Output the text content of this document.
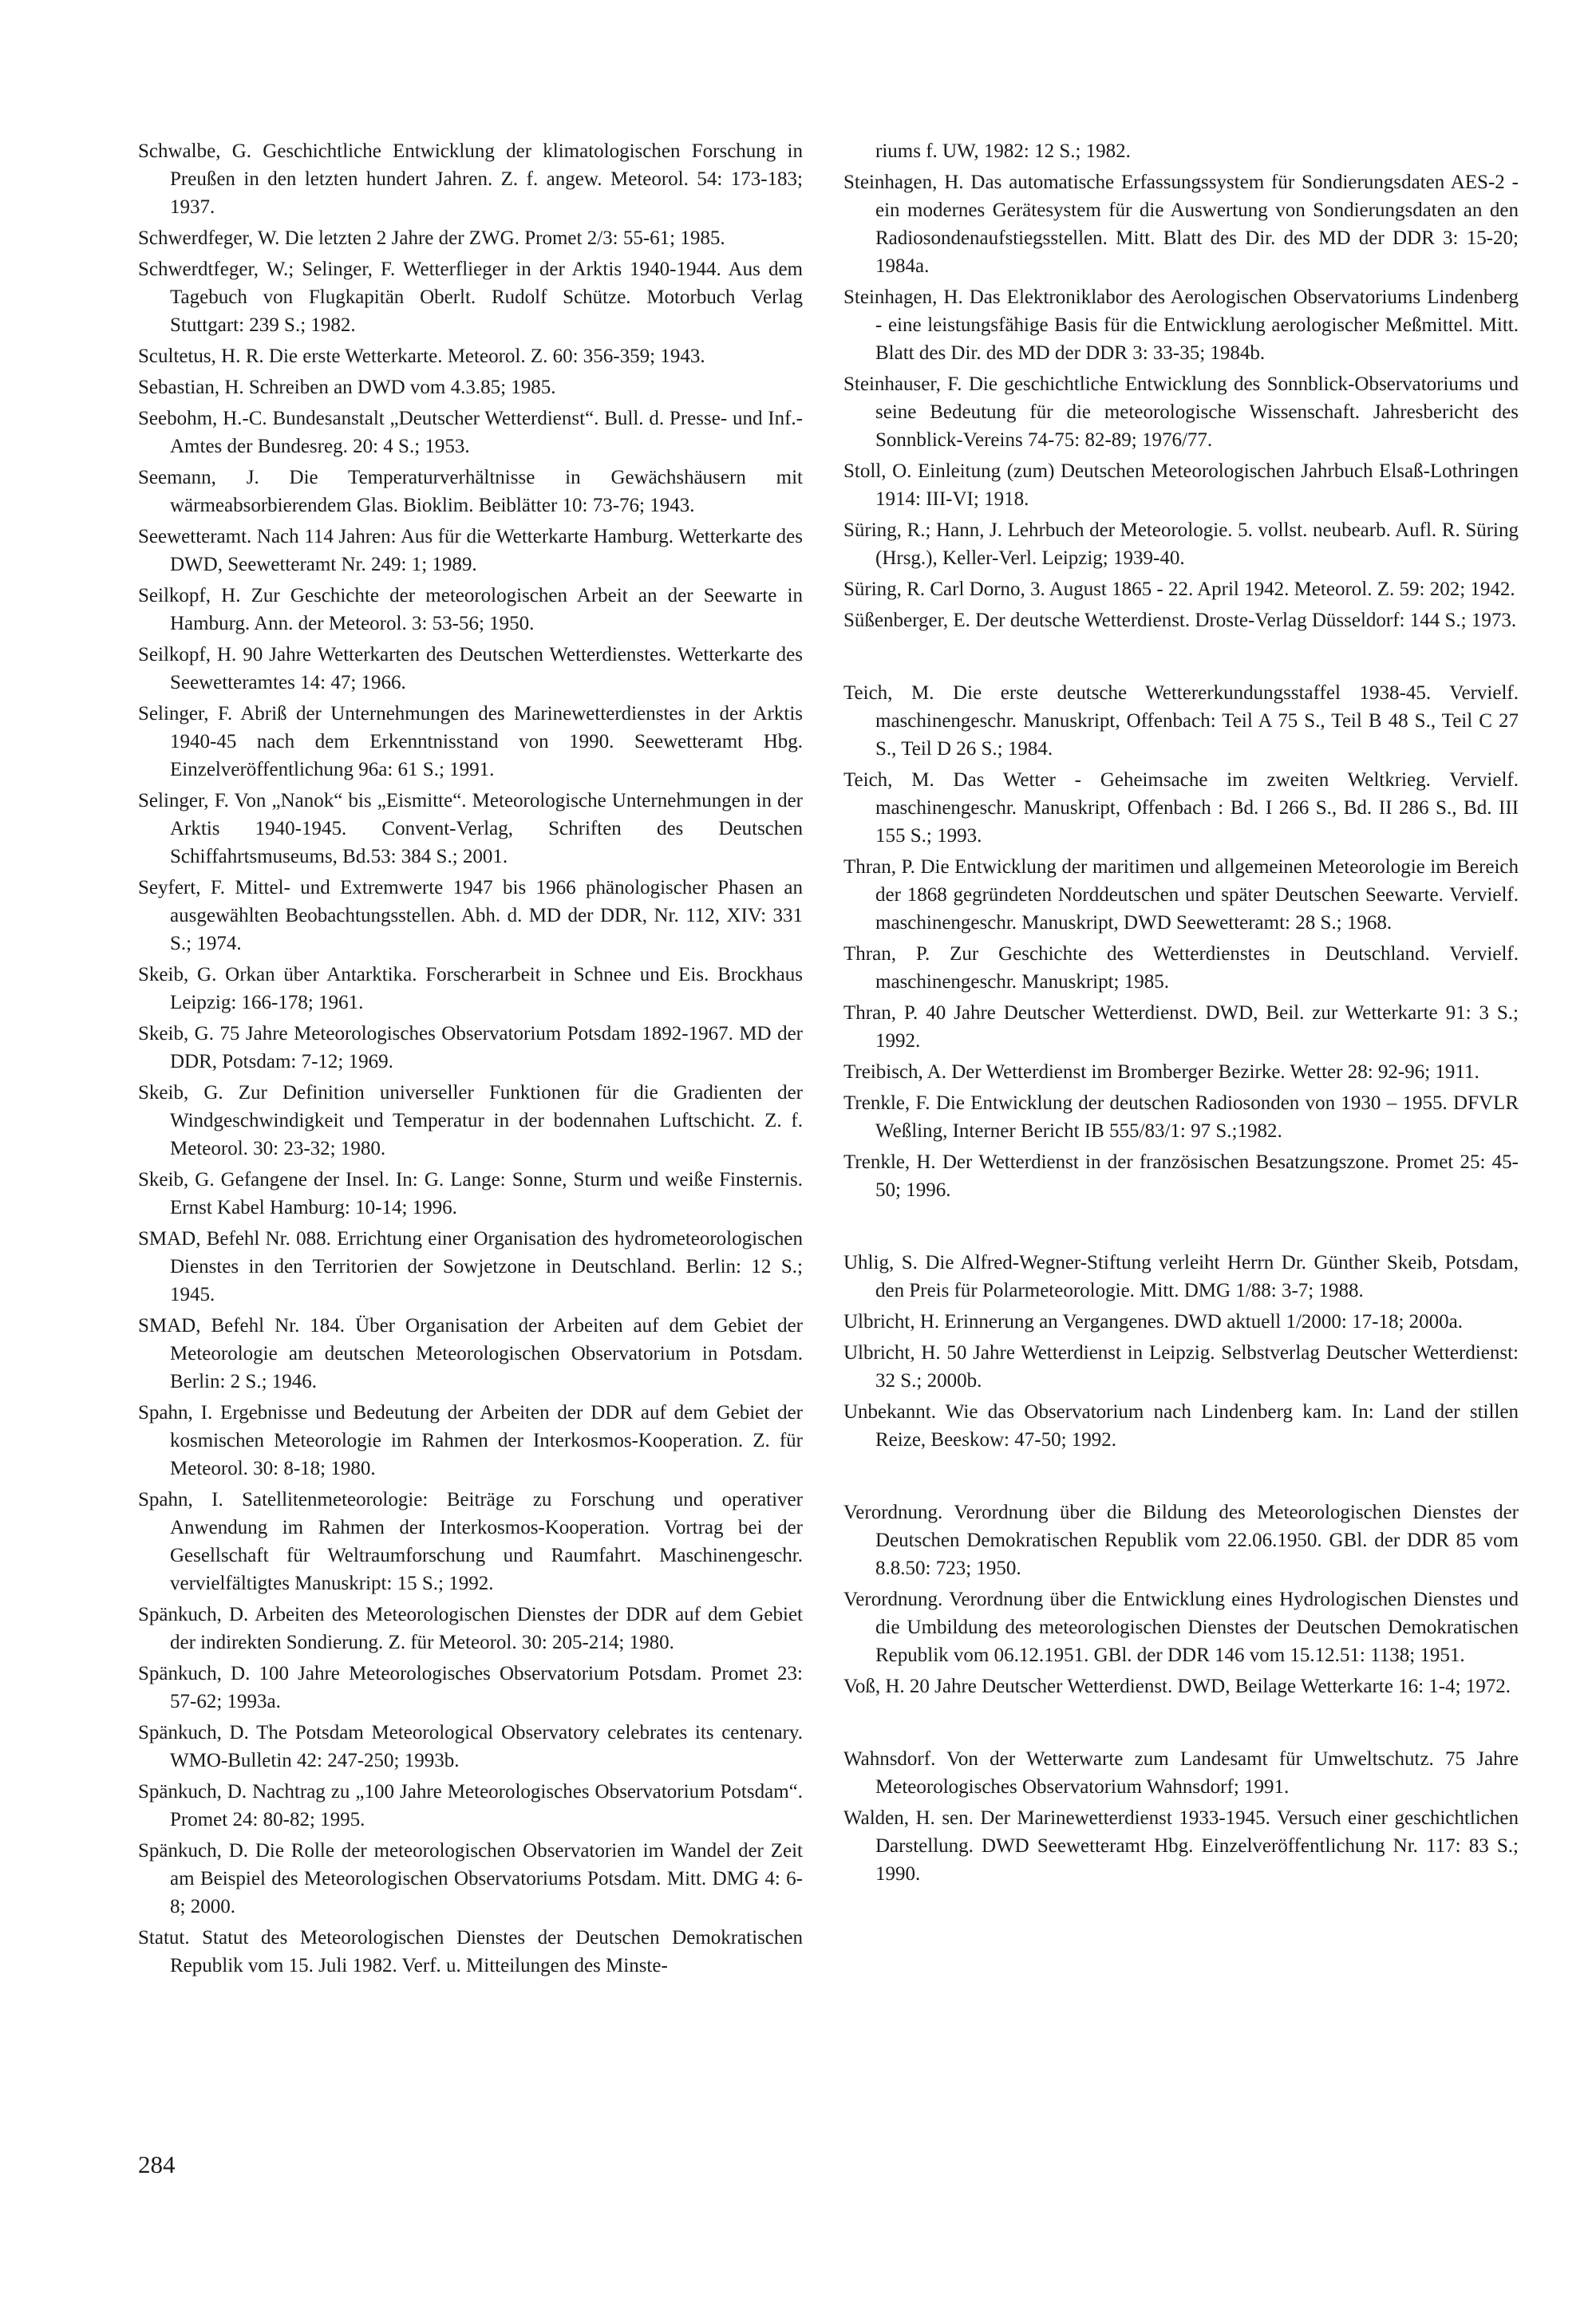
Schwalbe, G. Geschichtliche Entwicklung der klimatologischen Forschung in Preußen in den letzten hundert Jahren. Z. f. angew. Meteorol. 54: 173-183; 1937.

Schwerdfeger, W. Die letzten 2 Jahre der ZWG. Promet 2/3: 55-61; 1985.

Schwerdtfeger, W.; Selinger, F. Wetterflieger in der Arktis 1940-1944. Aus dem Tagebuch von Flugkapitän Oberlt. Rudolf Schütze. Motorbuch Verlag Stuttgart: 239 S.; 1982.

Scultetus, H. R. Die erste Wetterkarte. Meteorol. Z. 60: 356-359; 1943.

Sebastian, H. Schreiben an DWD vom 4.3.85; 1985.

Seebohm, H.-C. Bundesanstalt „Deutscher Wetterdienst“. Bull. d. Presse- und Inf.-Amtes der Bundesreg. 20: 4 S.; 1953.

Seemann, J. Die Temperaturverhältnisse in Gewächshäusern mit wärmeabsorbierendem Glas. Bioklim. Beiblätter 10: 73-76; 1943.

Seewetteramt. Nach 114 Jahren: Aus für die Wetterkarte Hamburg. Wetterkarte des DWD, Seewetteramt Nr. 249: 1; 1989.

Seilkopf, H. Zur Geschichte der meteorologischen Arbeit an der Seewarte in Hamburg. Ann. der Meteorol. 3: 53-56; 1950.

Seilkopf, H. 90 Jahre Wetterkarten des Deutschen Wetterdienstes. Wetterkarte des Seewetteramtes 14: 47; 1966.

Selinger, F. Abriß der Unternehmungen des Marinewetterdienstes in der Arktis 1940-45 nach dem Erkenntnisstand von 1990. Seewetteramt Hbg. Einzelveröffentlichung 96a: 61 S.; 1991.

Selinger, F. Von „Nanok“ bis „Eismitte“. Meteorologische Unternehmungen in der Arktis 1940-1945. Convent-Verlag, Schriften des Deutschen Schiffahrtsmuseums, Bd.53: 384 S.; 2001.

Seyfert, F. Mittel- und Extremwerte 1947 bis 1966 phänologischer Phasen an ausgewählten Beobachtungsstellen. Abh. d. MD der DDR, Nr. 112, XIV: 331 S.; 1974.

Skeib, G. Orkan über Antarktika. Forscherarbeit in Schnee und Eis. Brockhaus Leipzig: 166-178; 1961.

Skeib, G. 75 Jahre Meteorologisches Observatorium Potsdam 1892-1967. MD der DDR, Potsdam: 7-12; 1969.

Skeib, G. Zur Definition universeller Funktionen für die Gradienten der Windgeschwindigkeit und Temperatur in der bodennahen Luftschicht. Z. f. Meteorol. 30: 23-32; 1980.

Skeib, G. Gefangene der Insel. In: G. Lange: Sonne, Sturm und weiße Finsternis. Ernst Kabel Hamburg: 10-14; 1996.

SMAD, Befehl Nr. 088. Errichtung einer Organisation des hydrometeorologischen Dienstes in den Territorien der Sowjetzone in Deutschland. Berlin: 12 S.; 1945.

SMAD, Befehl Nr. 184. Über Organisation der Arbeiten auf dem Gebiet der Meteorologie am deutschen Meteorologischen Observatorium in Potsdam. Berlin: 2 S.; 1946.

Spahn, I. Ergebnisse und Bedeutung der Arbeiten der DDR auf dem Gebiet der kosmischen Meteorologie im Rahmen der Interkosmos-Kooperation. Z. für Meteorol. 30: 8-18; 1980.

Spahn, I. Satellitenmeteorologie: Beiträge zu Forschung und operativer Anwendung im Rahmen der Interkosmos-Kooperation. Vortrag bei der Gesellschaft für Weltraumforschung und Raumfahrt. Maschinengeschr. vervielfältigtes Manuskript: 15 S.; 1992.

Spänkuch, D. Arbeiten des Meteorologischen Dienstes der DDR auf dem Gebiet der indirekten Sondierung. Z. für Meteorol. 30: 205-214; 1980.

Spänkuch, D. 100 Jahre Meteorologisches Observatorium Potsdam. Promet 23: 57-62; 1993a.

Spänkuch, D. The Potsdam Meteorological Observatory celebrates its centenary. WMO-Bulletin 42: 247-250; 1993b.

Spänkuch, D. Nachtrag zu „100 Jahre Meteorologisches Observatorium Potsdam“. Promet 24: 80-82; 1995.

Spänkuch, D. Die Rolle der meteorologischen Observatorien im Wandel der Zeit am Beispiel des Meteorologischen Observatoriums Potsdam. Mitt. DMG 4: 6-8; 2000.

Statut. Statut des Meteorologischen Dienstes der Deutschen Demokratischen Republik vom 15. Juli 1982. Verf. u. Mitteilungen des Minste-

riums f. UW, 1982: 12 S.; 1982.

Steinhagen, H. Das automatische Erfassungssystem für Sondierungsdaten AES-2 - ein modernes Gerätesystem für die Auswertung von Sondierungsdaten an den Radiosondenaufstiegsstellen. Mitt. Blatt des Dir. des MD der DDR 3: 15-20; 1984a.

Steinhagen, H. Das Elektroniklabor des Aerologischen Observatoriums Lindenberg - eine leistungsfähige Basis für die Entwicklung aerologischer Meßmittel. Mitt. Blatt des Dir. des MD der DDR 3: 33-35; 1984b.

Steinhauser, F. Die geschichtliche Entwicklung des Sonnblick-Observatoriums und seine Bedeutung für die meteorologische Wissenschaft. Jahresbericht des Sonnblick-Vereins 74-75: 82-89; 1976/77.

Stoll, O. Einleitung (zum) Deutschen Meteorologischen Jahrbuch Elsaß-Lothringen 1914: III-VI; 1918.

Süring, R.; Hann, J. Lehrbuch der Meteorologie. 5. vollst. neubearb. Aufl. R. Süring (Hrsg.), Keller-Verl. Leipzig; 1939-40.

Süring, R. Carl Dorno, 3. August 1865 - 22. April 1942. Meteorol. Z. 59: 202; 1942.

Süßenberger, E. Der deutsche Wetterdienst. Droste-Verlag Düsseldorf: 144 S.; 1973.

Teich, M. Die erste deutsche Wettererkundungsstaffel 1938-45. Vervielf. maschinengeschr. Manuskript, Offenbach: Teil A 75 S., Teil B 48 S., Teil C 27 S., Teil D 26 S.; 1984.

Teich, M. Das Wetter - Geheimsache im zweiten Weltkrieg. Vervielf. maschinengeschr. Manuskript, Offenbach : Bd. I 266 S., Bd. II 286 S., Bd. III 155 S.; 1993.

Thran, P. Die Entwicklung der maritimen und allgemeinen Meteorologie im Bereich der 1868 gegründeten Norddeutschen und später Deutschen Seewarte. Vervielf. maschinengeschr. Manuskript, DWD Seewetteramt: 28 S.; 1968.

Thran, P. Zur Geschichte des Wetterdienstes in Deutschland. Vervielf. maschinengeschr. Manuskript; 1985.

Thran, P. 40 Jahre Deutscher Wetterdienst. DWD, Beil. zur Wetterkarte 91: 3 S.; 1992.

Treibisch, A. Der Wetterdienst im Bromberger Bezirke. Wetter 28: 92-96; 1911.

Trenkle, F. Die Entwicklung der deutschen Radiosonden von 1930 – 1955. DFVLR Weßling, Interner Bericht IB 555/83/1: 97 S.;1982.

Trenkle, H. Der Wetterdienst in der französischen Besatzungszone. Promet 25: 45-50; 1996.

Uhlig, S. Die Alfred-Wegner-Stiftung verleiht Herrn Dr. Günther Skeib, Potsdam, den Preis für Polarmeteorologie. Mitt. DMG 1/88: 3-7; 1988.

Ulbricht, H. Erinnerung an Vergangenes. DWD aktuell 1/2000: 17-18; 2000a.

Ulbricht, H. 50 Jahre Wetterdienst in Leipzig. Selbstverlag Deutscher Wetterdienst: 32 S.; 2000b.

Unbekannt. Wie das Observatorium nach Lindenberg kam. In: Land der stillen Reize, Beeskow: 47-50; 1992.

Verordnung. Verordnung über die Bildung des Meteorologischen Dienstes der Deutschen Demokratischen Republik vom 22.06.1950. GBl. der DDR 85 vom 8.8.50: 723; 1950.

Verordnung. Verordnung über die Entwicklung eines Hydrologischen Dienstes und die Umbildung des meteorologischen Dienstes der Deutschen Demokratischen Republik vom 06.12.1951. GBl. der DDR 146 vom 15.12.51: 1138; 1951.

Voß, H. 20 Jahre Deutscher Wetterdienst. DWD, Beilage Wetterkarte 16: 1-4; 1972.

Wahnsdorf. Von der Wetterwarte zum Landesamt für Umweltschutz. 75 Jahre Meteorologisches Observatorium Wahnsdorf; 1991.

Walden, H. sen. Der Marinewetterdienst 1933-1945. Versuch einer geschichtlichen Darstellung. DWD Seewetteramt Hbg. Einzelveröffentlichung Nr. 117: 83 S.; 1990.

284
